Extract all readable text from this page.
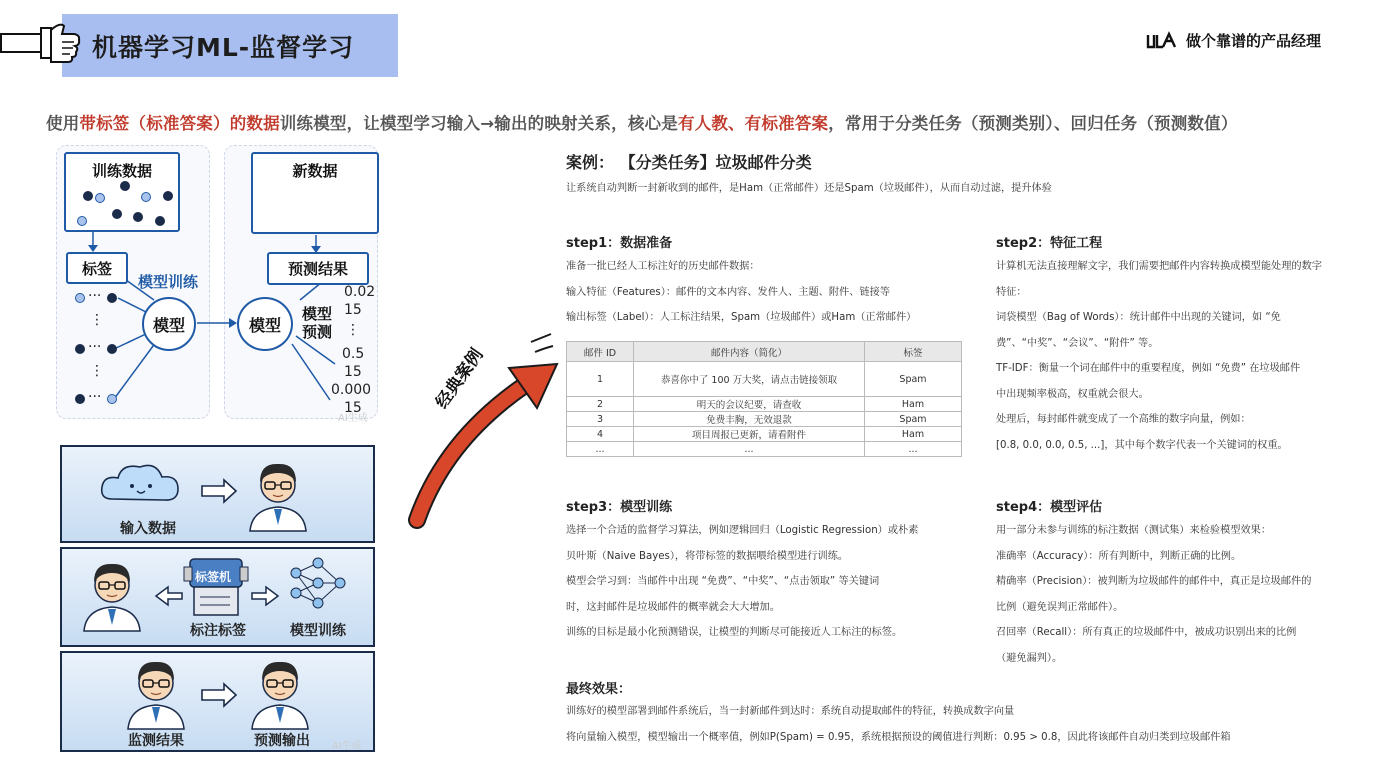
机器学习ML-监督学习	做个靠谱的产品经理
使用带标签（标准答案）的数据训练模型，让模型学习输入→输出的映射关系，核心是有人教、有标准答案，常用于分类任务（预测类别）、回归任务（预测数值）
训练数据
标签
模型训练
···
⋮
···
⋮
···
模型
新数据
预测结果
模型
模型
预测
0.02
15
⋮
0.5
15
0.000
15
AI生成
输入数据
标签机
标注标签	模型训练
监测结果	预测输出 AI生成
经典案例
案例： 【分类任务】垃圾邮件分类
让系统自动判断一封新收到的邮件，是Ham（正常邮件）还是Spam（垃圾邮件），从而自动过滤，提升体验
step1：数据准备
准备一批已经人工标注好的历史邮件数据：
输入特征（Features）：邮件的文本内容、发件人、主题、附件、链接等
输出标签（Label）：人工标注结果，Spam（垃圾邮件）或Ham（正常邮件）
邮件 ID	邮件内容（简化）	标签
1	恭喜你中了 100 万大奖，请点击链接领取	Spam
2	明天的会议纪要，请查收	Ham
3	免费丰胸，无效退款	Spam
4	项目周报已更新，请看附件	Ham
...	...	...
step2：特征工程
计算机无法直接理解文字，我们需要把邮件内容转换成模型能处理的数字
特征：
词袋模型（Bag of Words）：统计邮件中出现的关键词，如 “免
费”、“中奖”、“会议”、“附件” 等。
TF-IDF：衡量一个词在邮件中的重要程度，例如 “免费” 在垃圾邮件
中出现频率极高，权重就会很大。
处理后，每封邮件就变成了一个高维的数字向量，例如：
[0.8, 0.0, 0.0, 0.5, ...]，其中每个数字代表一个关键词的权重。
step3：模型训练
选择一个合适的监督学习算法，例如逻辑回归（Logistic Regression）或朴素
贝叶斯（Naive Bayes），将带标签的数据喂给模型进行训练。
模型会学习到：当邮件中出现 “免费”、“中奖”、“点击领取” 等关键词
时，这封邮件是垃圾邮件的概率就会大大增加。
训练的目标是最小化预测错误，让模型的判断尽可能接近人工标注的标签。
step4：模型评估
用一部分未参与训练的标注数据（测试集）来检验模型效果：
准确率（Accuracy）：所有判断中，判断正确的比例。
精确率（Precision）：被判断为垃圾邮件的邮件中，真正是垃圾邮件的
比例（避免误判正常邮件）。
召回率（Recall）：所有真正的垃圾邮件中，被成功识别出来的比例
（避免漏判）。
最终效果：
训练好的模型部署到邮件系统后，当一封新邮件到达时：系统自动提取邮件的特征，转换成数字向量
将向量输入模型，模型输出一个概率值，例如P(Spam) = 0.95，系统根据预设的阈值进行判断：0.95 > 0.8，因此将该邮件自动归类到垃圾邮件箱
